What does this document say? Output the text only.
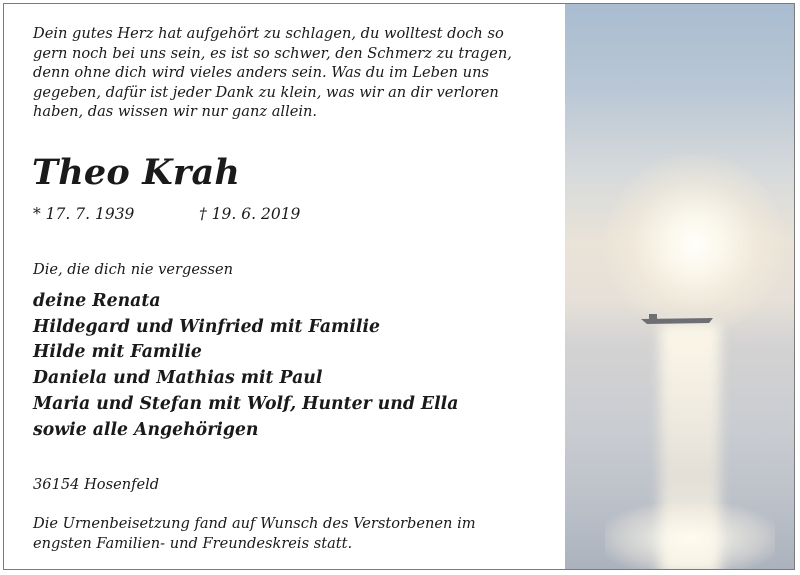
Dein gutes Herz hat aufgehört zu schlagen, du wolltest doch so

gern noch bei uns sein, es ist so schwer, den Schmerz zu tragen,

denn ohne dich wird vieles anders sein. Was du im Leben uns

gegeben, dafür ist jeder Dank zu klein, was wir an dir verloren

haben, das wissen wir nur ganz allein.

Theo Krah
* 17. 7. 1939	† 19. 6. 2019
Die, die dich nie vergessen
deine Renata
Hildegard und Winfried mit Familie
Hilde mit Familie
Daniela und Mathias mit Paul
Maria und Stefan mit Wolf, Hunter und Ella
sowie alle Angehörigen
36154 Hosenfeld
Die Urnenbeisetzung fand auf Wunsch des Verstorbenen im
engsten Familien- und Freundeskreis statt.
